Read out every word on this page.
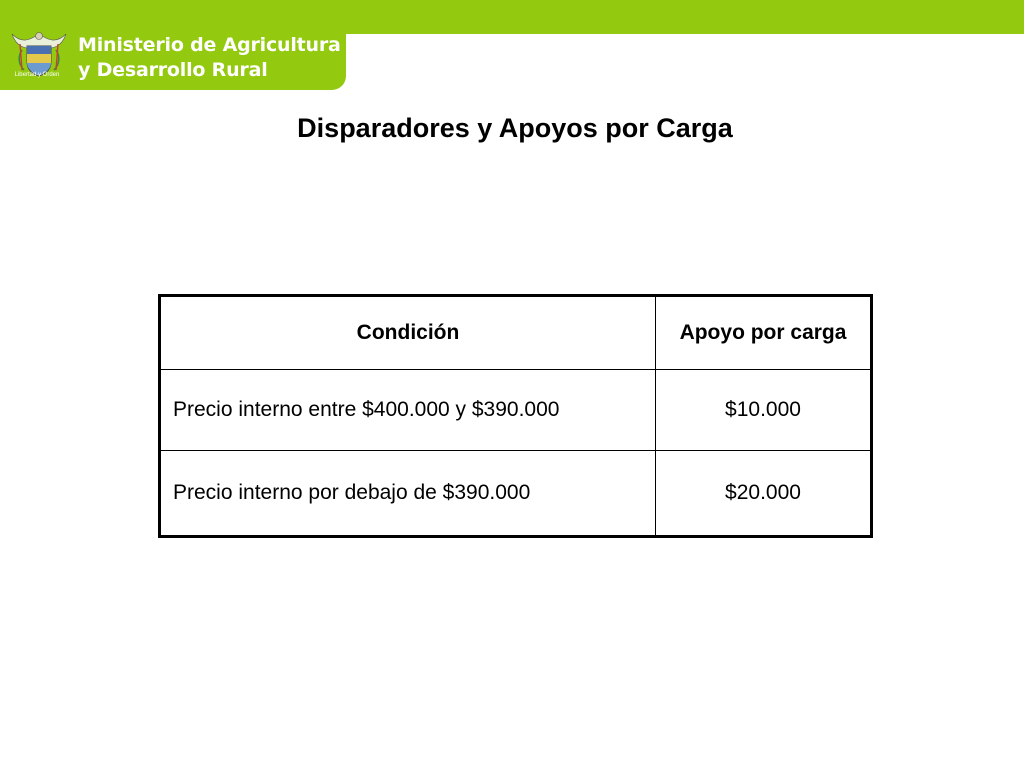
Libertad y Orden
Ministerio de Agricultura
y Desarrollo Rural
Disparadores y Apoyos por Carga
Condición	Apoyo por carga
Precio interno entre $400.000 y $390.000	$10.000
Precio interno por debajo de $390.000	$20.000
